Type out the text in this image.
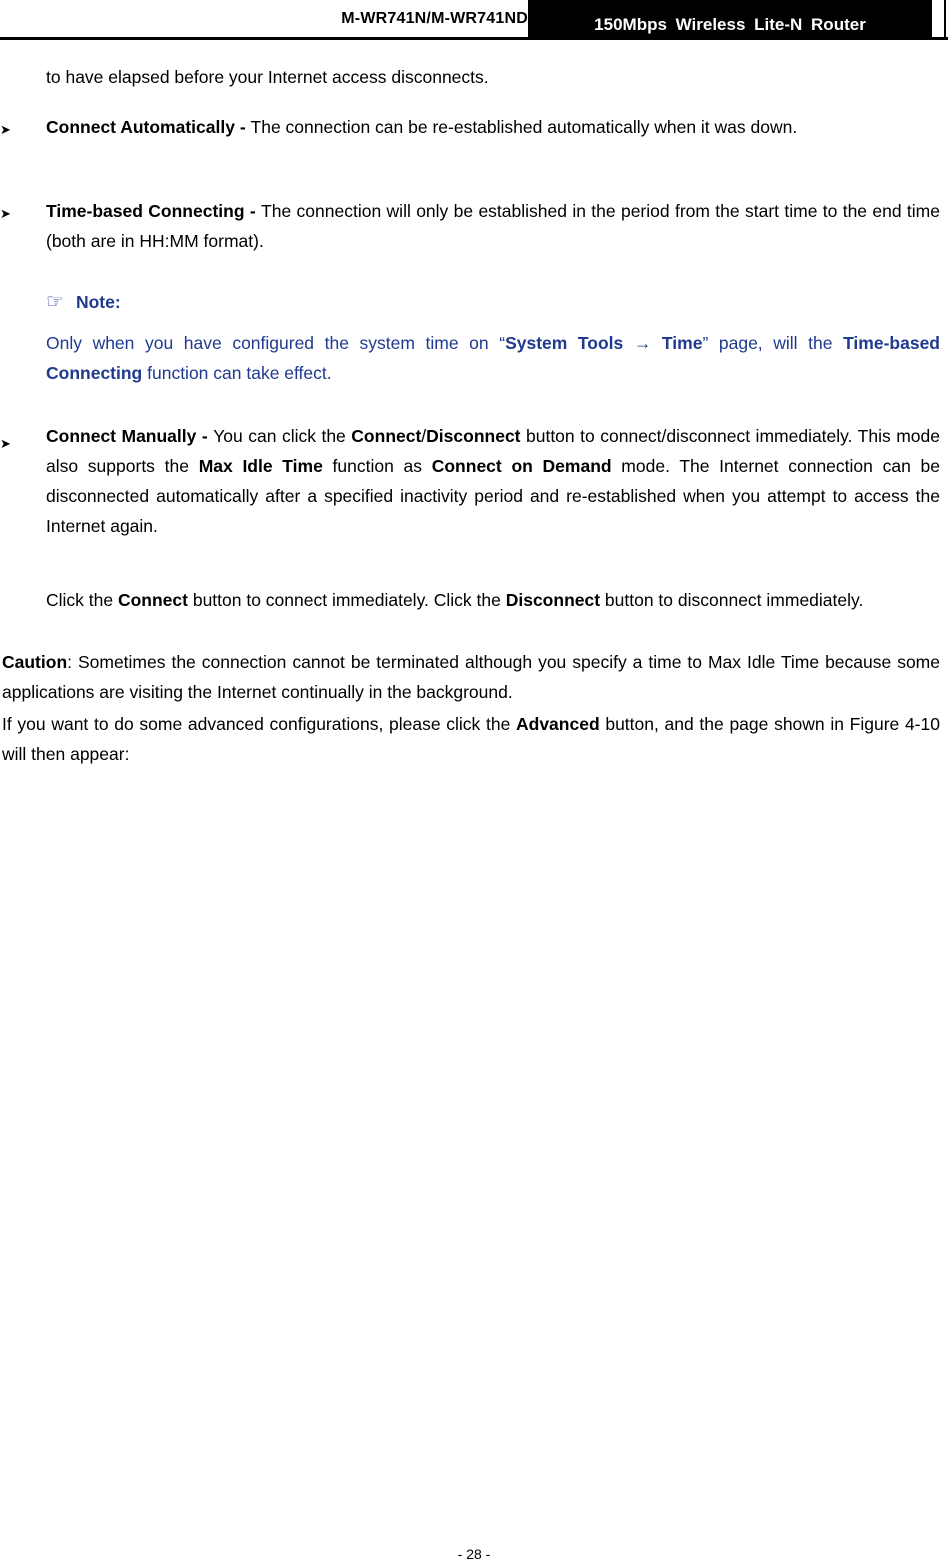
M-WR741N/M-WR741ND	150Mbps Wireless Lite-N Router

to have elapsed before your Internet access disconnects.

➤ Connect Automatically - The connection can be re-established automatically when it was down.

➤ Time-based Connecting - The connection will only be established in the period from the start time to the end time (both are in HH:MM format).

☞ Note:

Only when you have configured the system time on “System Tools → Time” page, will the Time-based Connecting function can take effect.

➤ Connect Manually - You can click the Connect/Disconnect button to connect/disconnect immediately. This mode also supports the Max Idle Time function as Connect on Demand mode. The Internet connection can be disconnected automatically after a specified inactivity period and re-established when you attempt to access the Internet again.

Click the Connect button to connect immediately. Click the Disconnect button to disconnect immediately.

Caution: Sometimes the connection cannot be terminated although you specify a time to Max Idle Time because some applications are visiting the Internet continually in the background.

If you want to do some advanced configurations, please click the Advanced button, and the page shown in Figure 4-10 will then appear:

- 28 -
